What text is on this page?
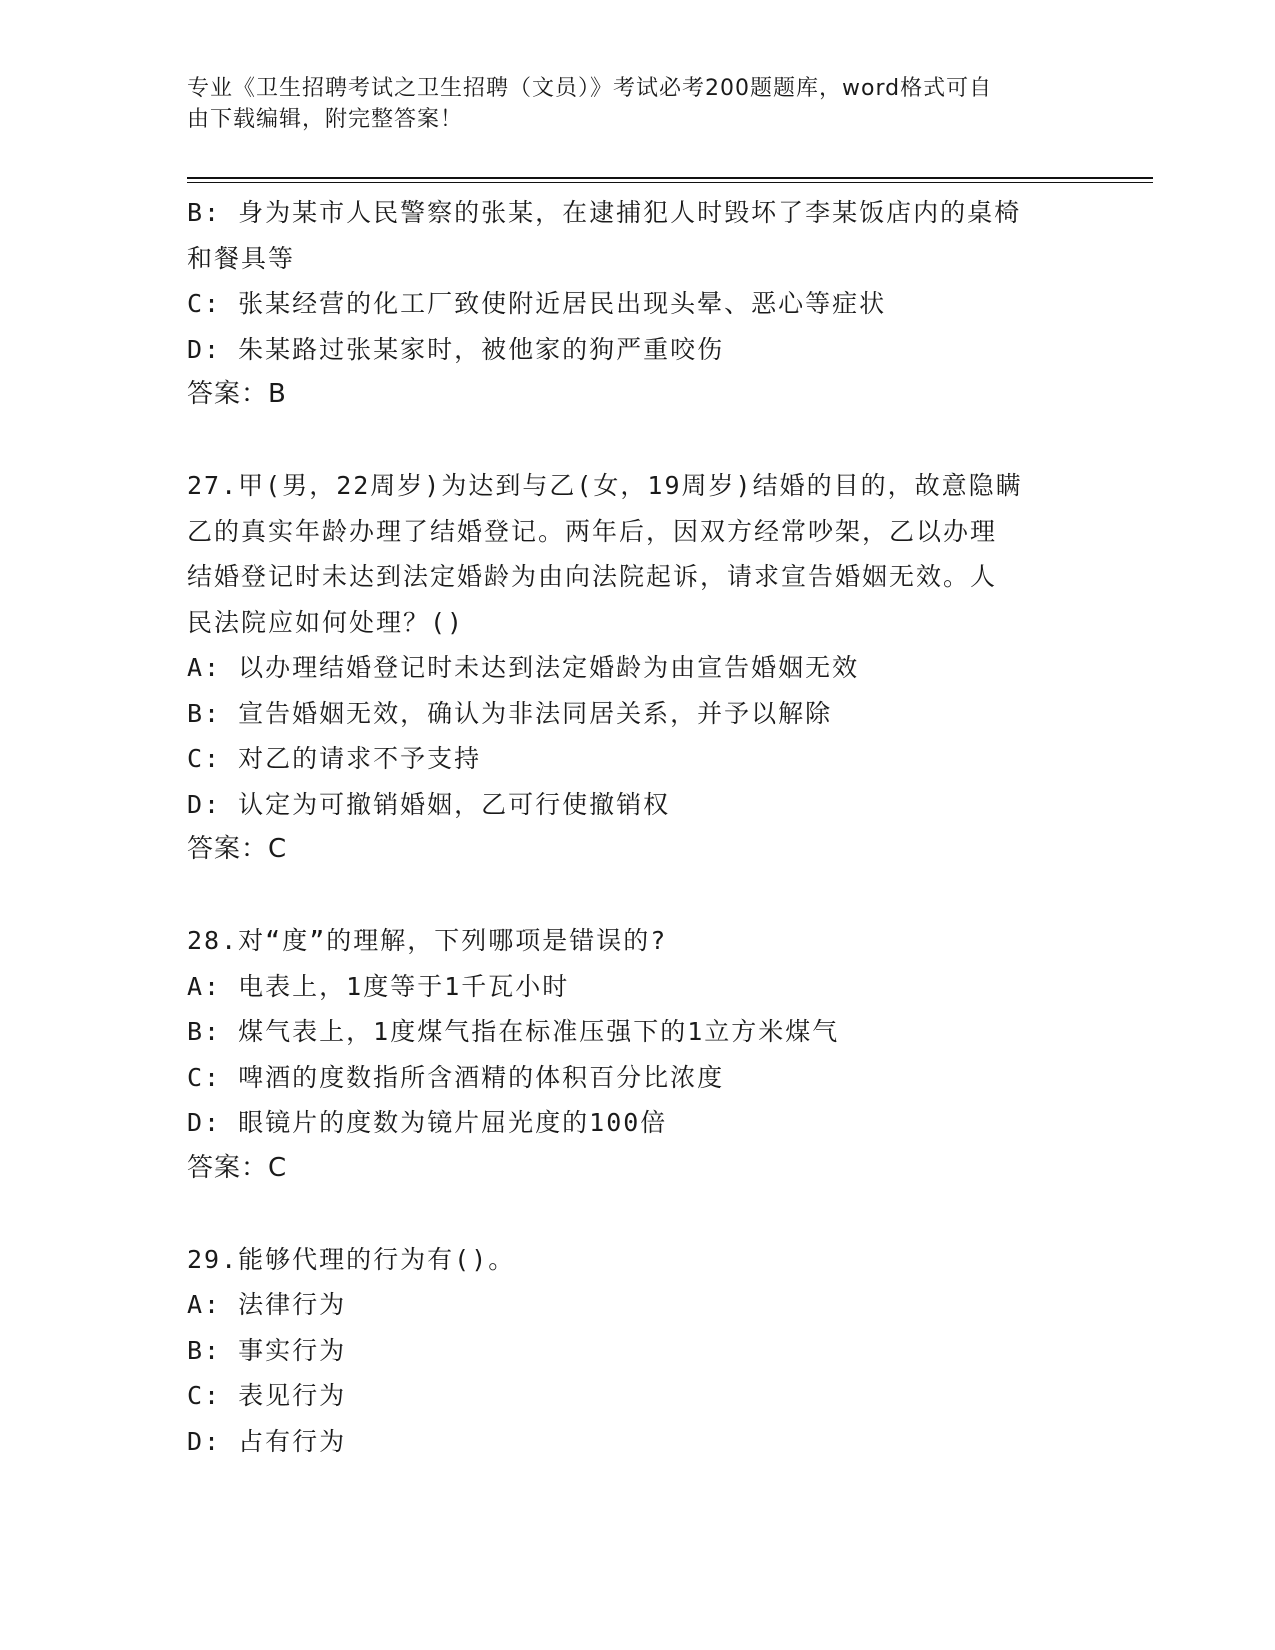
专业《卫生招聘考试之卫生招聘（文员）》考试必考200题题库，word格式可自
由下载编辑，附完整答案！
B: 身为某市人民警察的张某，在逮捕犯人时毁坏了李某饭店内的桌椅
和餐具等
C: 张某经营的化工厂致使附近居民出现头晕、恶心等症状
D: 朱某路过张某家时，被他家的狗严重咬伤
答案：B
27.甲(男，22周岁)为达到与乙(女，19周岁)结婚的目的，故意隐瞒
乙的真实年龄办理了结婚登记。两年后，因双方经常吵架，乙以办理
结婚登记时未达到法定婚龄为由向法院起诉，请求宣告婚姻无效。人
民法院应如何处理？()
A: 以办理结婚登记时未达到法定婚龄为由宣告婚姻无效
B: 宣告婚姻无效，确认为非法同居关系，并予以解除
C: 对乙的请求不予支持
D: 认定为可撤销婚姻，乙可行使撤销权
答案：C
28.对“度”的理解，下列哪项是错误的?
A: 电表上，1度等于1千瓦小时
B: 煤气表上，1度煤气指在标准压强下的1立方米煤气
C: 啤酒的度数指所含酒精的体积百分比浓度
D: 眼镜片的度数为镜片屈光度的100倍
答案：C
29.能够代理的行为有()。
A: 法律行为
B: 事实行为
C: 表见行为
D: 占有行为
